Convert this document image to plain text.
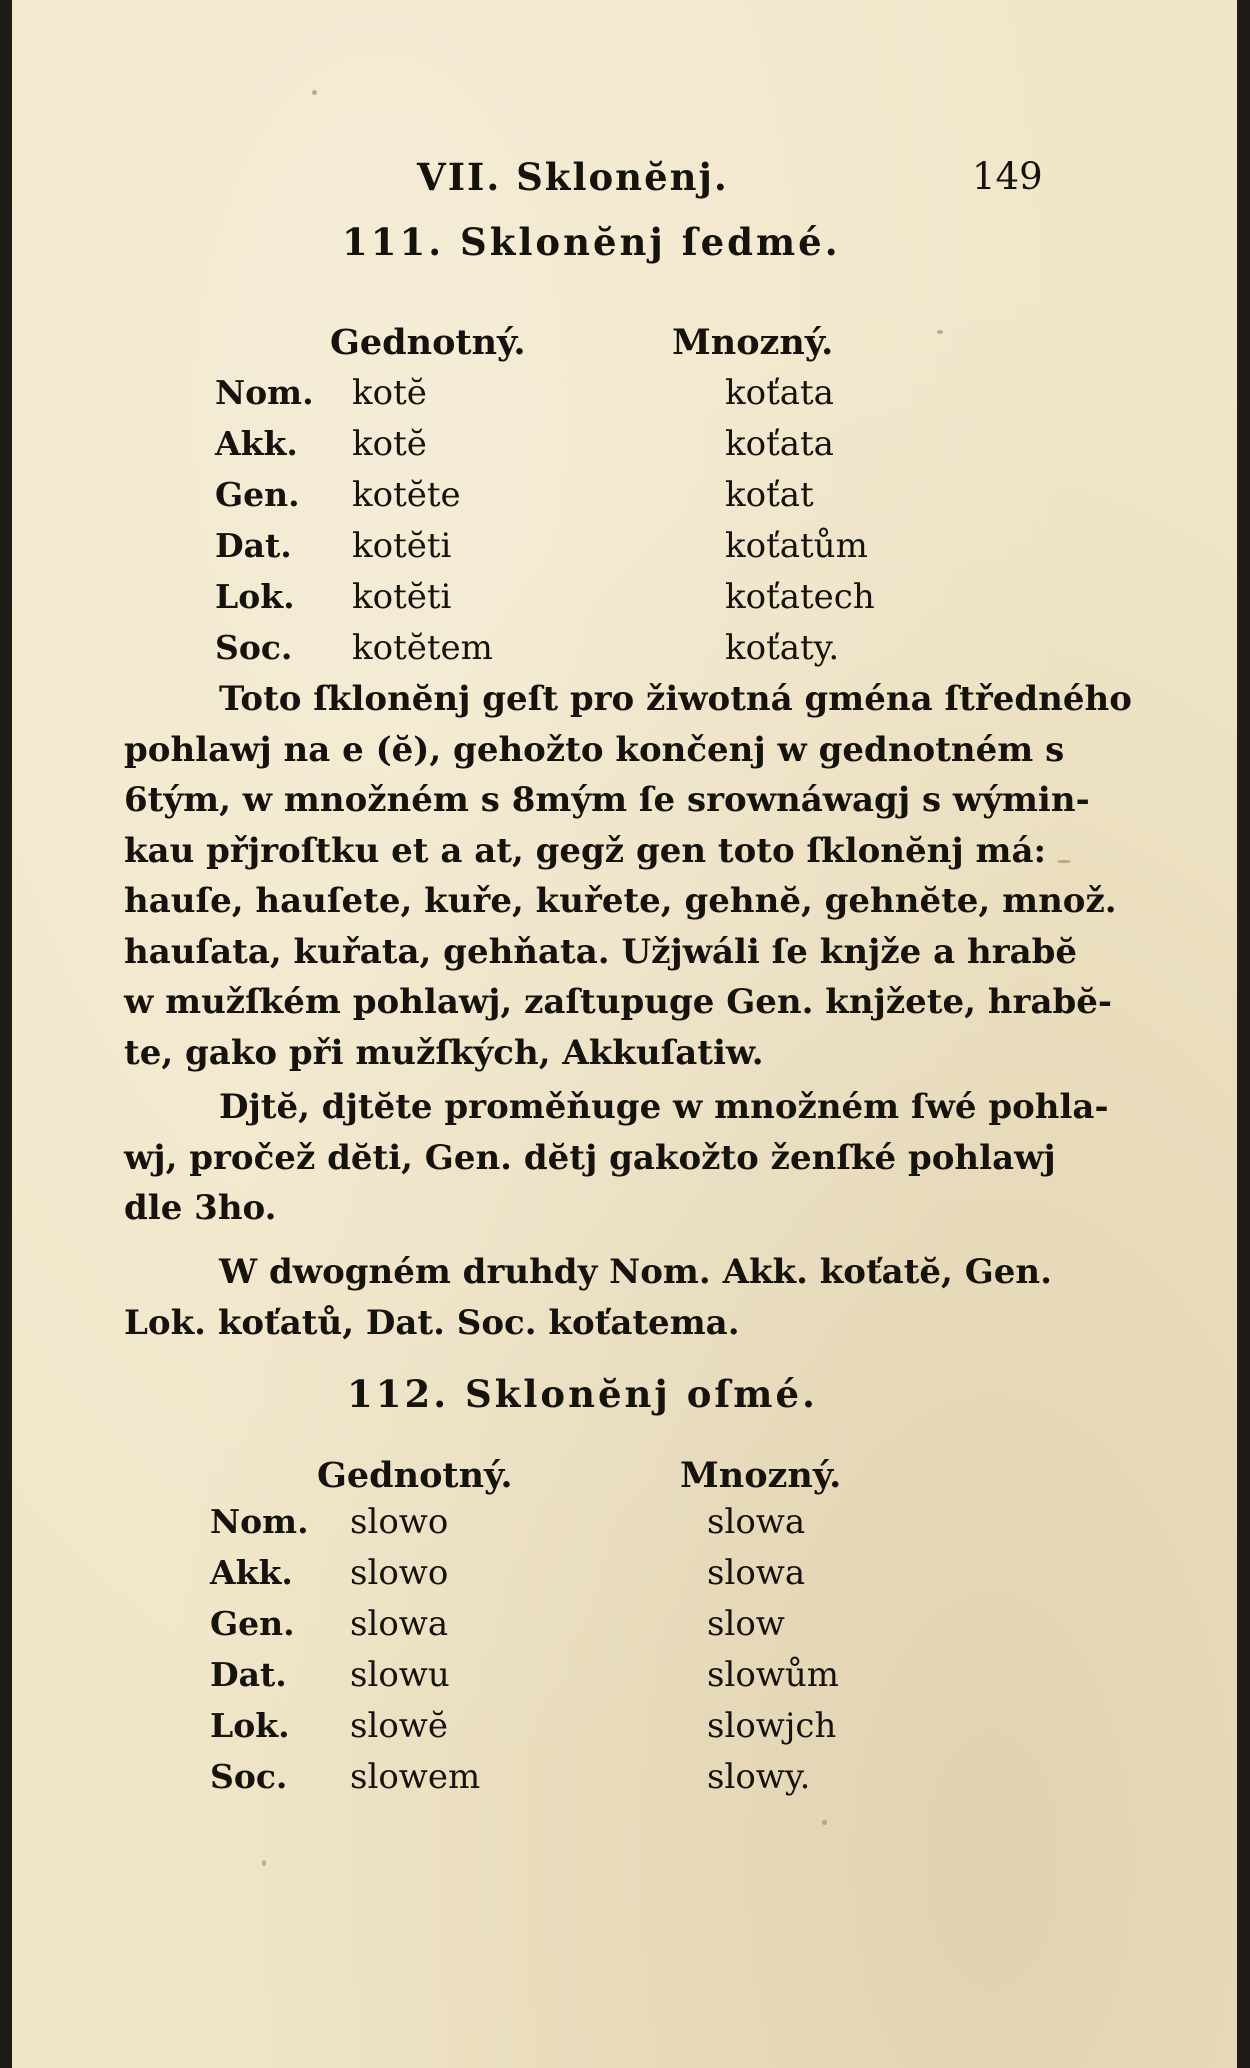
VII. Sklonĕnj.	149
111. Sklonĕnj ſedmé.
Gednotný.	Mnozný.
Nom. kotĕ	koťata
Akk. kotĕ	koťata
Gen. kotĕte	koťat
Dat. kotĕti	koťatům
Lok. kotĕti	koťatech
Soc. kotĕtem	koťaty.
Toto ſklonĕnj geſt pro žiwotná gména ſtředného
pohlawj na e (ĕ), gehožto končenj w gednotném s
6tým, w množném s 8mým ſe srownáwagj s wýmin-
kau přjroſtku et a at, gegž gen toto ſklonĕnj má:
hauſe, hauſete, kuře, kuřete, gehnĕ, gehnĕte, množ.
hauſata, kuřata, gehňata. Užjwáli ſe knjže a hrabĕ
w mužſkém pohlawj, zaſtupuge Gen. knjžete, hrabĕ-
te, gako při mužſkých, Akkuſatiw.
Djtĕ, djtĕte proměňuge w množném ſwé pohla-
wj, pročež dĕti, Gen. dĕtj gakožto ženſké pohlawj
dle 3ho.
W dwogném druhdy Nom. Akk. koťatĕ, Gen.
Lok. koťatů, Dat. Soc. koťatema.
112. Sklonĕnj oſmé.
Gednotný.	Mnozný.
Nom. slowo	slowa
Akk. slowo	slowa
Gen. slowa	slow
Dat. slowu	slowům
Lok. slowĕ	slowjch
Soc. slowem	slowy.
